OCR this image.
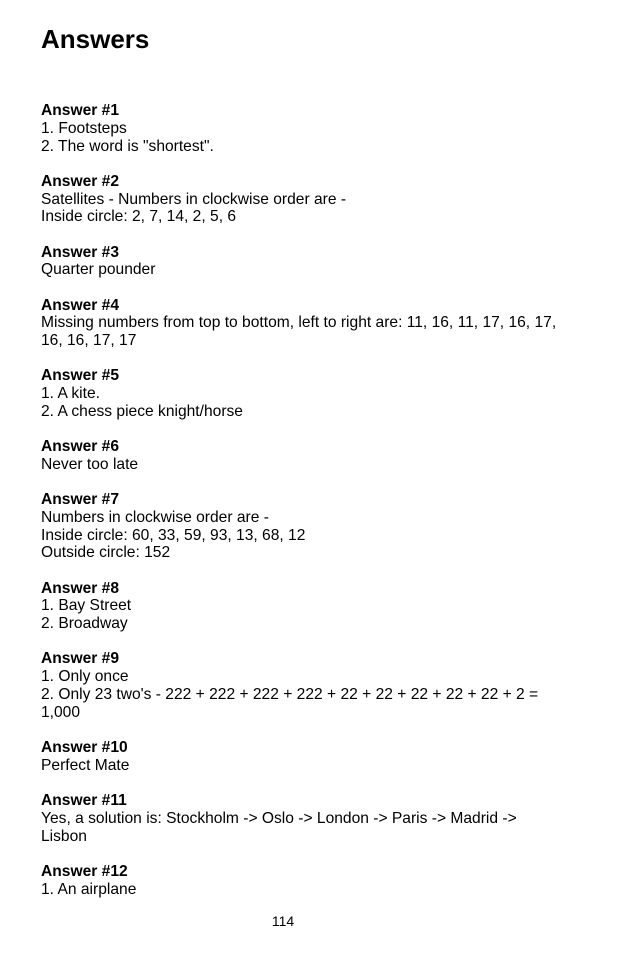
Answers
Answer #1
1. Footsteps
2. The word is "shortest".
Answer #2
Satellites - Numbers in clockwise order are -
Inside circle: 2, 7, 14, 2, 5, 6
Answer #3
Quarter pounder
Answer #4
Missing numbers from top to bottom, left to right are: 11, 16, 11, 17, 16, 17,
16, 16, 17, 17
Answer #5
1. A kite.
2. A chess piece knight/horse
Answer #6
Never too late
Answer #7
Numbers in clockwise order are -
Inside circle: 60, 33, 59, 93, 13, 68, 12
Outside circle: 152
Answer #8
1. Bay Street
2. Broadway
Answer #9
1. Only once
2. Only 23 two's - 222 + 222 + 222 + 222 + 22 + 22 + 22 + 22 + 22 + 2 =
1,000
Answer #10
Perfect Mate
Answer #11
Yes, a solution is: Stockholm -> Oslo -> London -> Paris -> Madrid ->
Lisbon
Answer #12
1. An airplane
114
